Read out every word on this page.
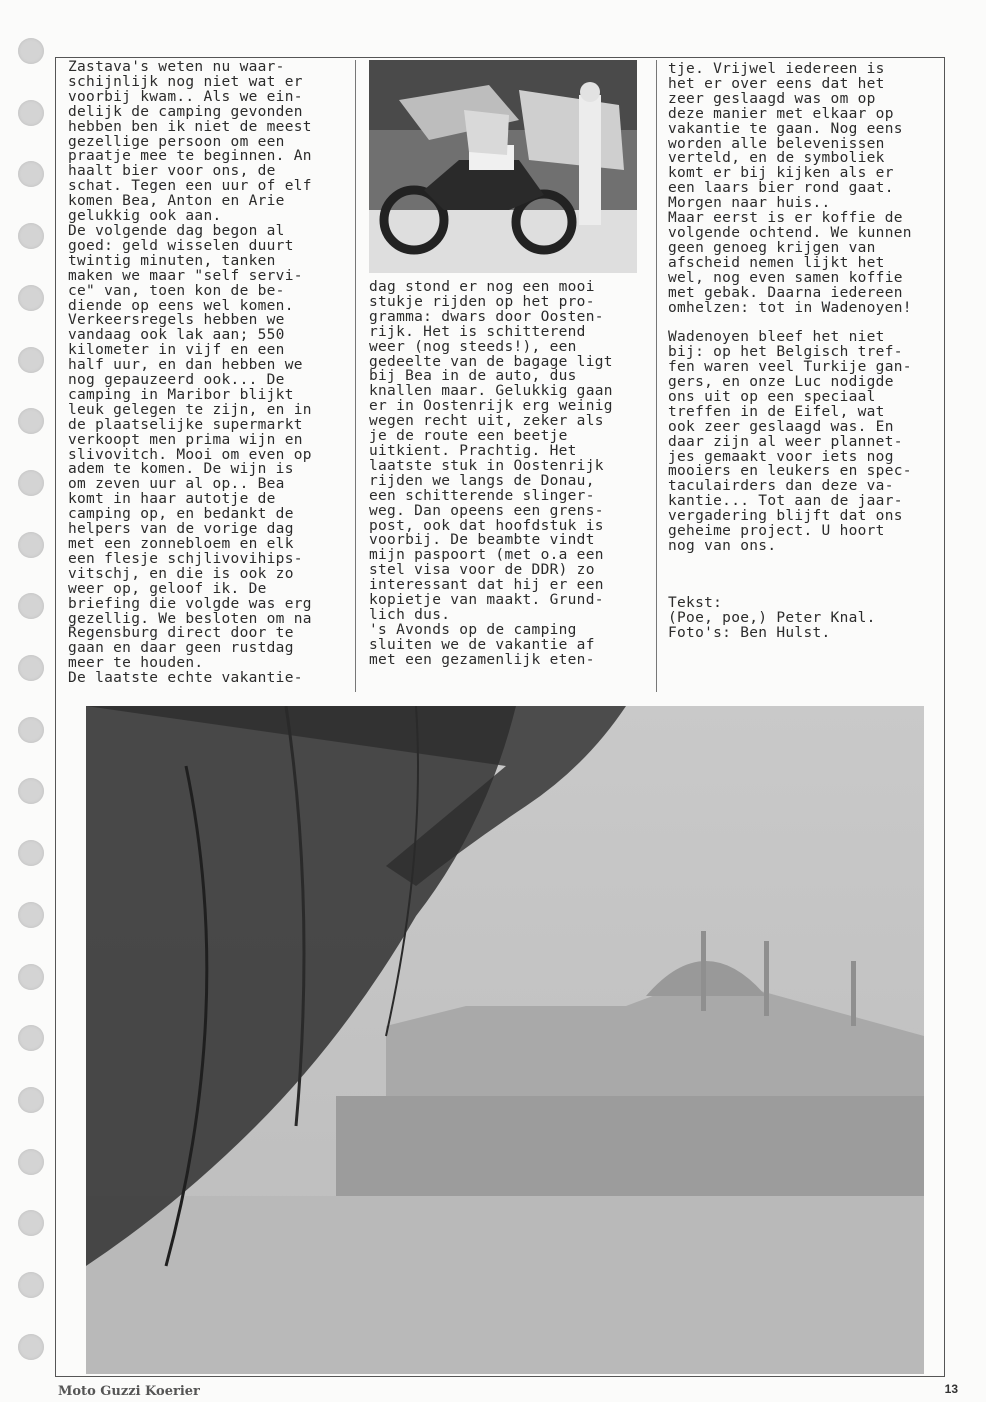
Zastava's weten nu waar-
schijnlijk nog niet wat er
voorbij kwam.. Als we ein-
delijk de camping gevonden
hebben ben ik niet de meest
gezellige persoon om een
praatje mee te beginnen. An
haalt bier voor ons, de
schat. Tegen een uur of elf
komen Bea, Anton en Arie
gelukkig ook aan.
De volgende dag begon al
goed: geld wisselen duurt
twintig minuten, tanken
maken we maar "self servi-
ce" van, toen kon de be-
diende op eens wel komen.
Verkeersregels hebben we
vandaag ook lak aan; 550
kilometer in vijf en een
half uur, en dan hebben we
nog gepauzeerd ook... De
camping in Maribor blijkt
leuk gelegen te zijn, en in
de plaatselijke supermarkt
verkoopt men prima wijn en
slivovitch. Mooi om even op
adem te komen. De wijn is
om zeven uur al op.. Bea
komt in haar autotje de
camping op, en bedankt de
helpers van de vorige dag
met een zonnebloem en elk
een flesje schjlivovihips-
vitschj, en die is ook zo
weer op, geloof ik. De
briefing die volgde was erg
gezellig. We besloten om na
Regensburg direct door te
gaan en daar geen rustdag
meer te houden.
De laatste echte vakantie-
dag stond er nog een mooi
stukje rijden op het pro-
gramma: dwars door Oosten-
rijk. Het is schitterend
weer (nog steeds!), een
gedeelte van de bagage ligt
bij Bea in de auto, dus
knallen maar. Gelukkig gaan
er in Oostenrijk erg weinig
wegen recht uit, zeker als
je de route een beetje
uitkient. Prachtig. Het
laatste stuk in Oostenrijk
rijden we langs de Donau,
een schitterende slinger-
weg. Dan opeens een grens-
post, ook dat hoofdstuk is
voorbij. De beambte vindt
mijn paspoort (met o.a een
stel visa voor de DDR) zo
interessant dat hij er een
kopietje van maakt. Grund-
lich dus.
's Avonds op de camping
sluiten we de vakantie af
met een gezamenlijk eten-
tje. Vrijwel iedereen is
het er over eens dat het
zeer geslaagd was om op
deze manier met elkaar op
vakantie te gaan. Nog eens
worden alle belevenissen
verteld, en de symboliek
komt er bij kijken als er
een laars bier rond gaat.
Morgen naar huis..
Maar eerst is er koffie de
volgende ochtend. We kunnen
geen genoeg krijgen van
afscheid nemen lijkt het
wel, nog even samen koffie
met gebak. Daarna iedereen
omhelzen: tot in Wadenoyen!

Wadenoyen bleef het niet
bij: op het Belgisch tref-
fen waren veel Turkije gan-
gers, en onze Luc nodigde
ons uit op een speciaal
treffen in de Eifel, wat
ook zeer geslaagd was. En
daar zijn al weer plannet-
jes gemaakt voor iets nog
mooiers en leukers en spec-
taculairders dan deze va-
kantie... Tot aan de jaar-
vergadering blijft dat ons
geheime project. U hoort
nog van ons.
Tekst:
(Poe, poe,) Peter Knal.
Foto's: Ben Hulst.
Moto Guzzi Koerier	13
